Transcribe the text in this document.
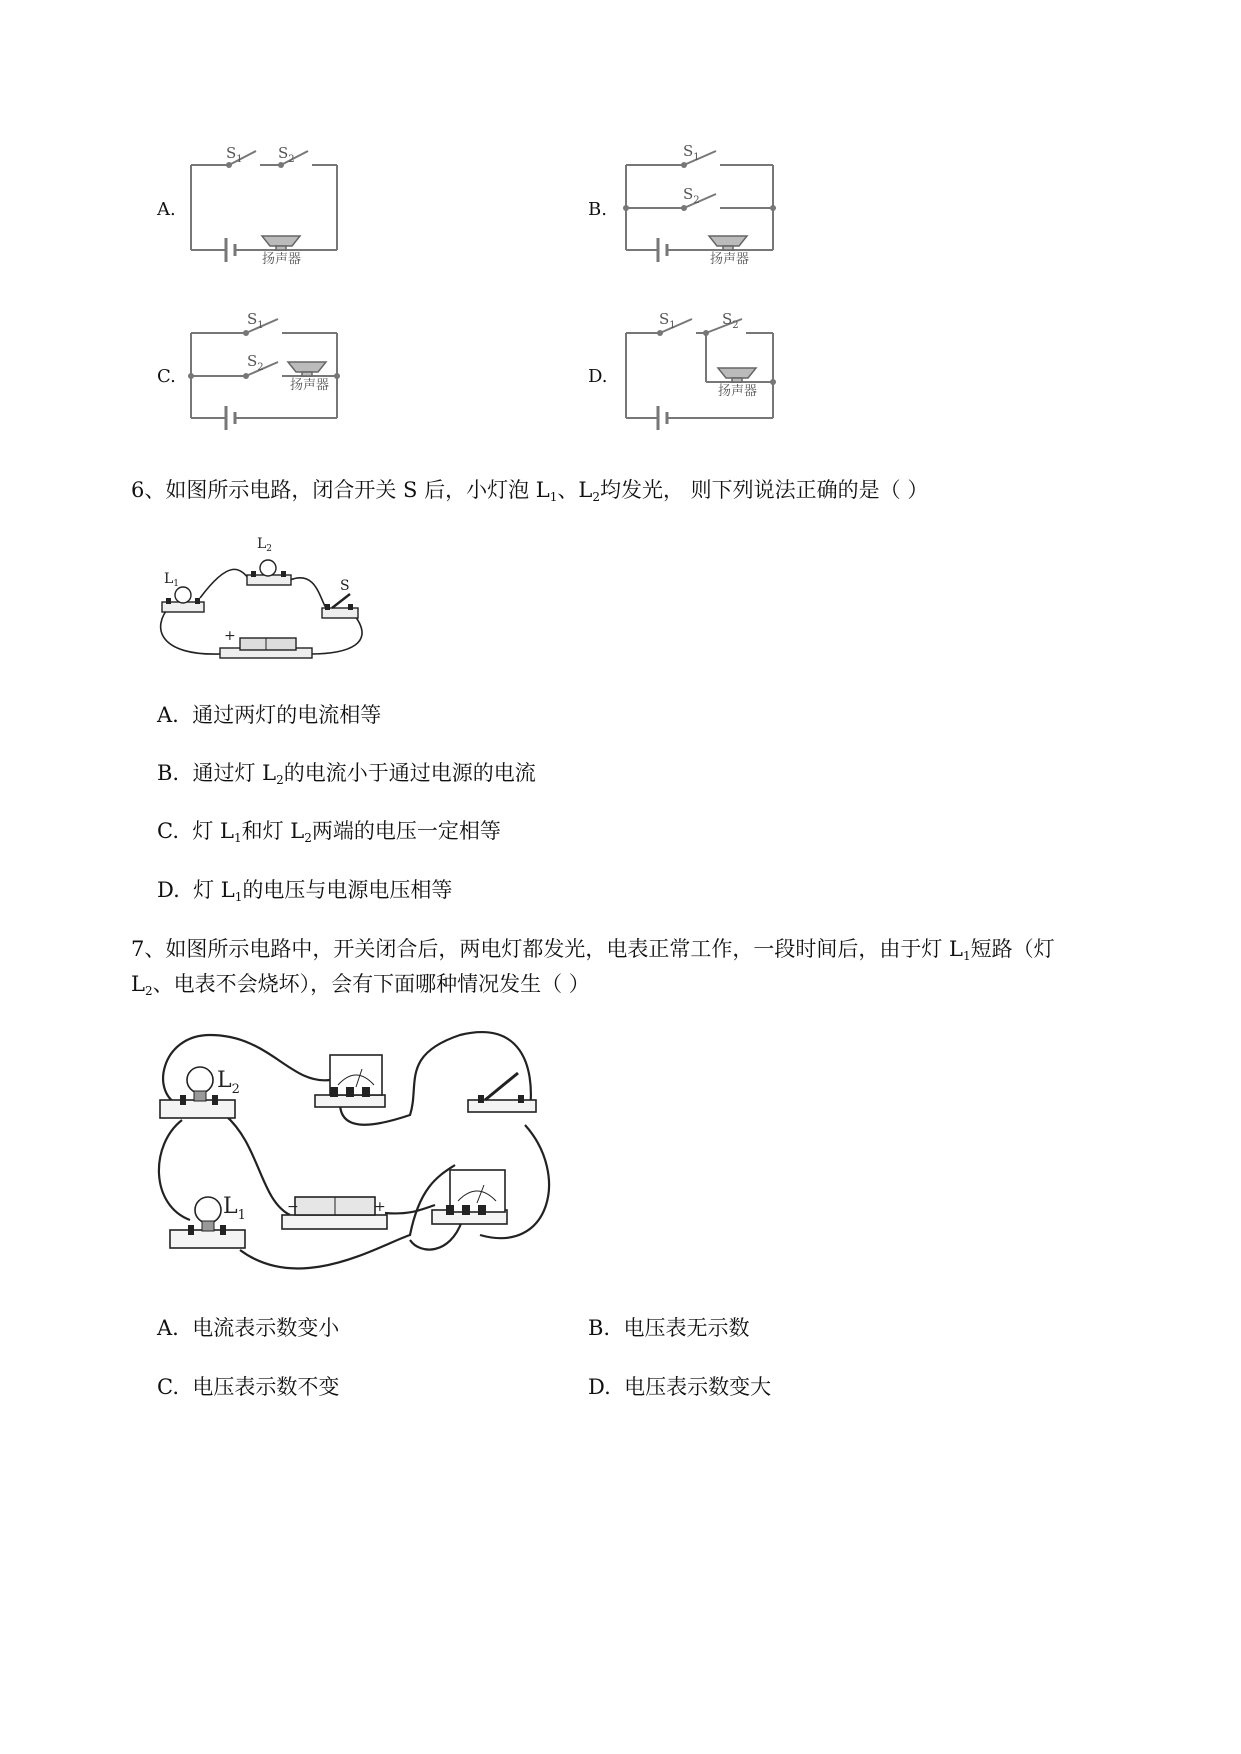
A.	B.
C.	D.
$S_1$ $S_2$	$S_1$
$S_2$
$S_1$
$S_2$
$S_1$	$S_2$
扬声器	扬声器
扬声器	扬声器
6、如图所示电路，闭合开关 S 后，小灯泡 $L_1$、$L_2$均发光， 则下列说法正确的是（ ）
$L_1$
$L_2$
S
+
A. 通过两灯的电流相等
B. 通过灯 $L_2$的电流小于通过电源的电流
C. 灯 $L_1$和灯 $L_2$两端的电压一定相等
D. 灯 $L_1$的电压与电源电压相等
7、如图所示电路中，开关闭合后，两电灯都发光，电表正常工作，一段时间后，由于灯 $L_1$短路（灯
$L_2$、电表不会烧坏），会有下面哪种情况发生（ ）
$L_2$
$L_1$
−	+
A. 电流表示数变小	B. 电压表无示数
C. 电压表示数不变	D. 电压表示数变大
